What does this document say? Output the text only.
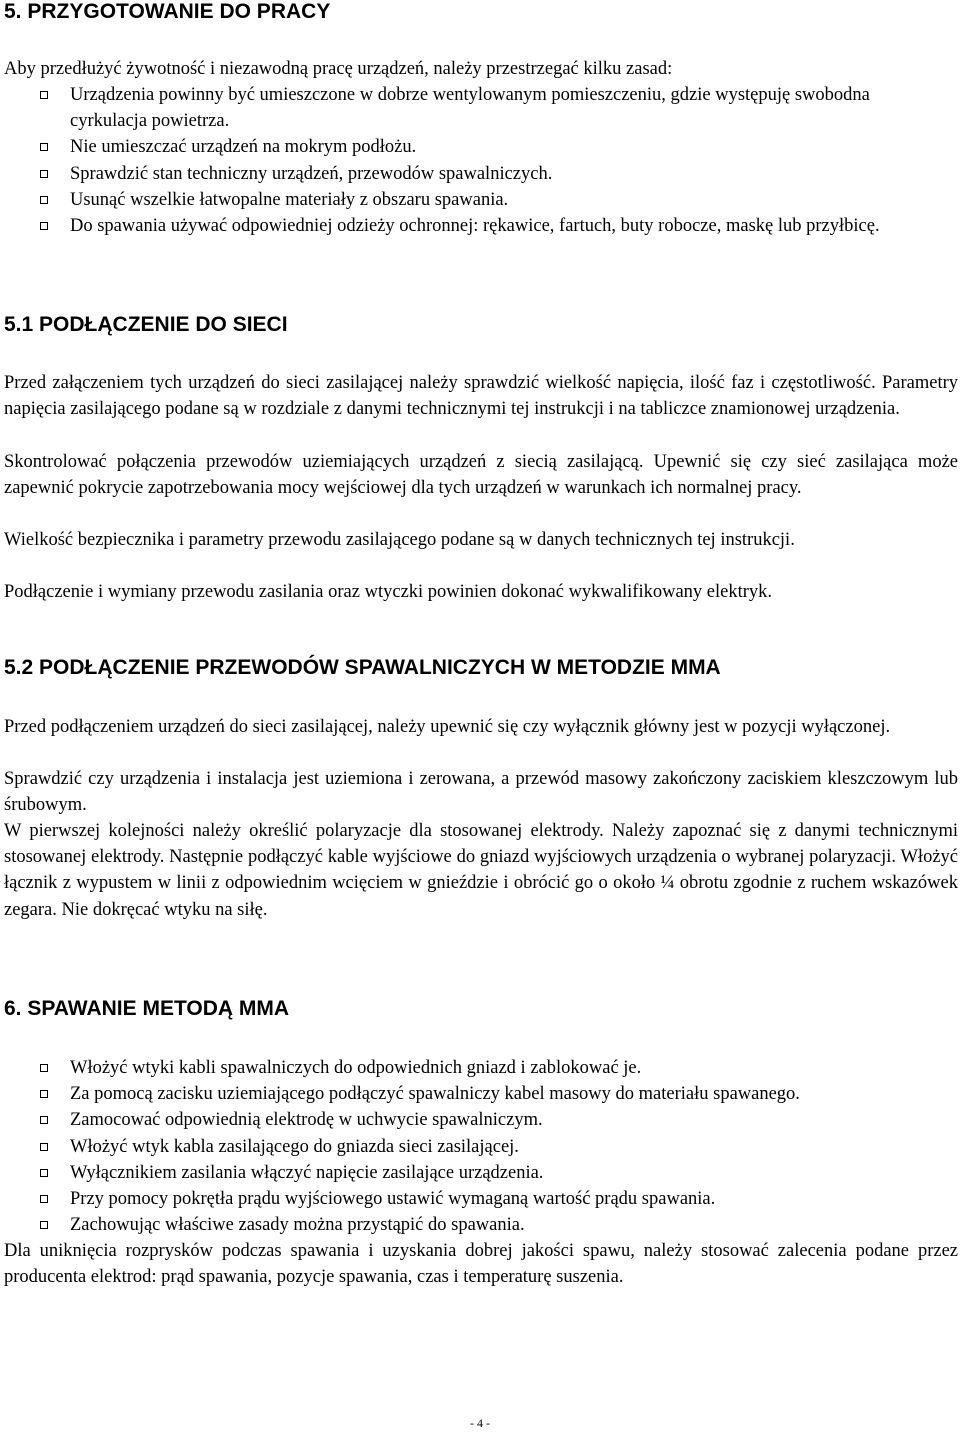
5. PRZYGOTOWANIE DO PRACY

Aby przedłużyć żywotność i niezawodną pracę urządzeń, należy przestrzegać kilku zasad:

Urządzenia powinny być umieszczone w dobrze wentylowanym pomieszczeniu, gdzie występuję swobodna cyrkulacja powietrza.
Nie umieszczać urządzeń na mokrym podłożu.
Sprawdzić stan techniczny urządzeń, przewodów spawalniczych.
Usunąć wszelkie łatwopalne materiały z obszaru spawania.
Do spawania używać odpowiedniej odzieży ochronnej: rękawice, fartuch, buty robocze, maskę lub przyłbicę.
5.1 PODŁĄCZENIE DO SIECI

Przed załączeniem tych urządzeń do sieci zasilającej należy sprawdzić wielkość napięcia, ilość faz i częstotliwość. Parametry napięcia zasilającego podane są w rozdziale z danymi technicznymi tej instrukcji i na tabliczce znamionowej urządzenia.

Skontrolować połączenia przewodów uziemiających urządzeń z siecią zasilającą. Upewnić się czy sieć zasilająca może zapewnić pokrycie zapotrzebowania mocy wejściowej dla tych urządzeń w warunkach ich normalnej pracy.

Wielkość bezpiecznika i parametry przewodu zasilającego podane są w danych technicznych tej instrukcji.

Podłączenie i wymiany przewodu zasilania oraz wtyczki powinien dokonać wykwalifikowany elektryk.

5.2 PODŁĄCZENIE PRZEWODÓW SPAWALNICZYCH W METODZIE MMA

Przed podłączeniem urządzeń do sieci zasilającej, należy upewnić się czy wyłącznik główny jest w pozycji wyłączonej.

Sprawdzić czy urządzenia i instalacja jest uziemiona i zerowana, a przewód masowy zakończony zaciskiem kleszczowym lub śrubowym.

W pierwszej kolejności należy określić polaryzacje dla stosowanej elektrody. Należy zapoznać się z danymi technicznymi stosowanej elektrody. Następnie podłączyć kable wyjściowe do gniazd wyjściowych urządzenia o wybranej polaryzacji. Włożyć łącznik z wypustem w linii z odpowiednim wcięciem w gnieździe i obrócić go o około ¼ obrotu zgodnie z ruchem wskazówek zegara. Nie dokręcać wtyku na siłę.

6. SPAWANIE METODĄ MMA
Włożyć wtyki kabli spawalniczych do odpowiednich gniazd i zablokować je.
Za pomocą zacisku uziemiającego podłączyć spawalniczy kabel masowy do materiału spawanego.
Zamocować odpowiednią elektrodę w uchwycie spawalniczym.
Włożyć wtyk kabla zasilającego do gniazda sieci zasilającej.
Wyłącznikiem zasilania włączyć napięcie zasilające urządzenia.
Przy pomocy pokrętła prądu wyjściowego ustawić wymaganą wartość prądu spawania.
Zachowując właściwe zasady można przystąpić do spawania.

Dla uniknięcia rozprysków podczas spawania i uzyskania dobrej jakości spawu, należy stosować zalecenia podane przez producenta elektrod: prąd spawania, pozycje spawania, czas i temperaturę suszenia.

- 4 -
